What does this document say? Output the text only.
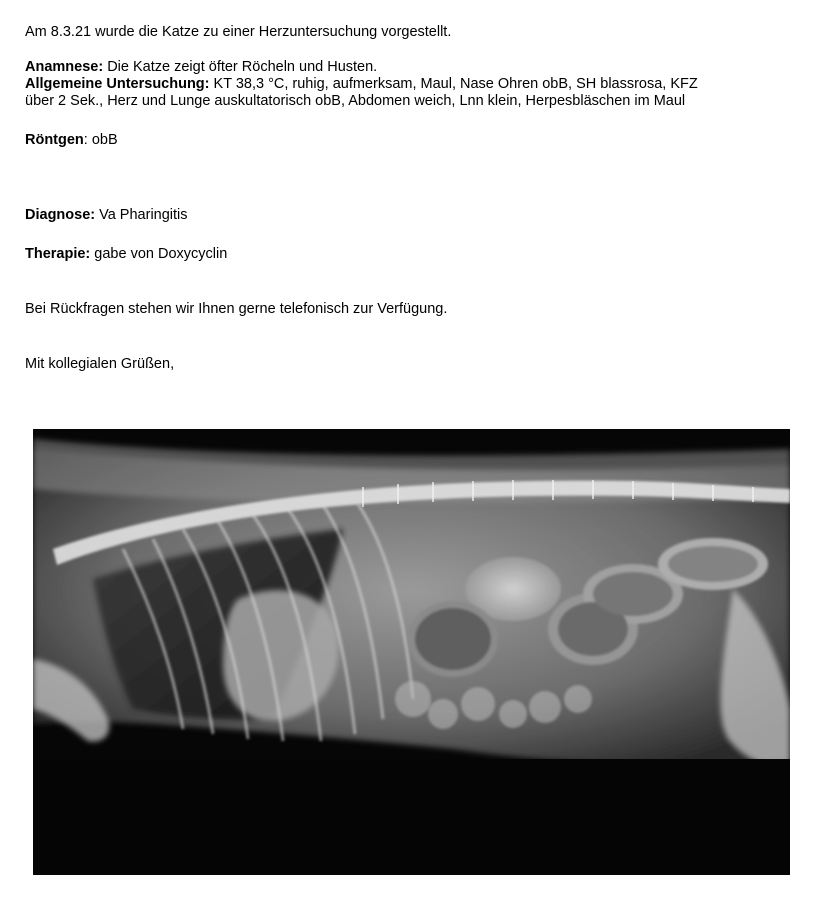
Am 8.3.21 wurde die Katze zu einer Herzuntersuchung vorgestellt.

Anamnese: Die Katze zeigt öfter Röcheln und Husten.

Allgemeine Untersuchung: KT 38,3 °C, ruhig, aufmerksam, Maul, Nase Ohren obB, SH blassrosa, KFZ

über 2 Sek., Herz und Lunge auskultatorisch obB, Abdomen weich, Lnn klein, Herpesbläschen im Maul

Röntgen: obB

Diagnose: Va Pharingitis

Therapie: gabe von Doxycyclin

Bei Rückfragen stehen wir Ihnen gerne telefonisch zur Verfügung.

Mit kollegialen Grüßen,
